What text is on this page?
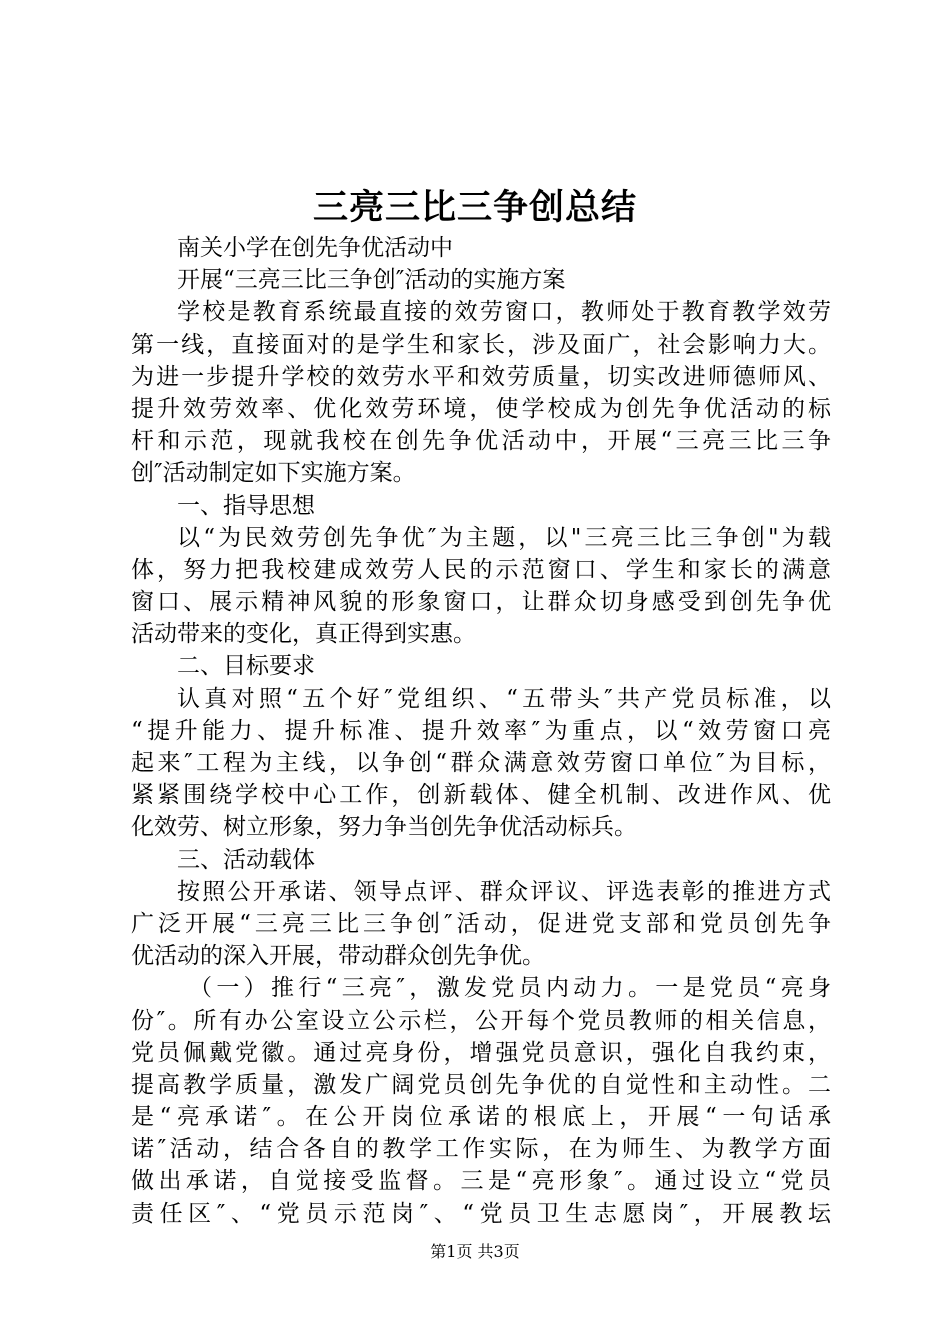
三亮三比三争创总结
南关小学在创先争优活动中
开展“三亮三比三争创″活动的实施方案
学校是教育系统最直接的效劳窗口，教师处于教育教学效劳
第一线，直接面对的是学生和家长，涉及面广，社会影响力大。
为进一步提升学校的效劳水平和效劳质量，切实改进师德师风、
提升效劳效率、优化效劳环境，使学校成为创先争优活动的标
杆和示范，现就我校在创先争优活动中，开展“三亮三比三争
创″活动制定如下实施方案。
一、指导思想
以“为民效劳创先争优″为主题，以"三亮三比三争创"为载
体，努力把我校建成效劳人民的示范窗口、学生和家长的满意
窗口、展示精神风貌的形象窗口，让群众切身感受到创先争优
活动带来的变化，真正得到实惠。
二、目标要求
认真对照“五个好″党组织、“五带头″共产党员标准，以
“提升能力、提升标准、提升效率″为重点，以“效劳窗口亮
起来″工程为主线，以争创“群众满意效劳窗口单位″为目标，
紧紧围绕学校中心工作，创新载体、健全机制、改进作风、优
化效劳、树立形象，努力争当创先争优活动标兵。
三、活动载体
按照公开承诺、领导点评、群众评议、评选表彰的推进方式
广泛开展“三亮三比三争创″活动，促进党支部和党员创先争
优活动的深入开展，带动群众创先争优。
（一）推行“三亮″，激发党员内动力。一是党员“亮身
份″。所有办公室设立公示栏，公开每个党员教师的相关信息，
党员佩戴党徽。通过亮身份，增强党员意识，强化自我约束，
提高教学质量，激发广阔党员创先争优的自觉性和主动性。二
是“亮承诺″。在公开岗位承诺的根底上，开展“一句话承
诺″活动，结合各自的教学工作实际，在为师生、为教学方面
做出承诺，自觉接受监督。三是“亮形象″。通过设立“党员
责任区″、“党员示范岗″、“党员卫生志愿岗″，开展教坛
第1页 共3页
